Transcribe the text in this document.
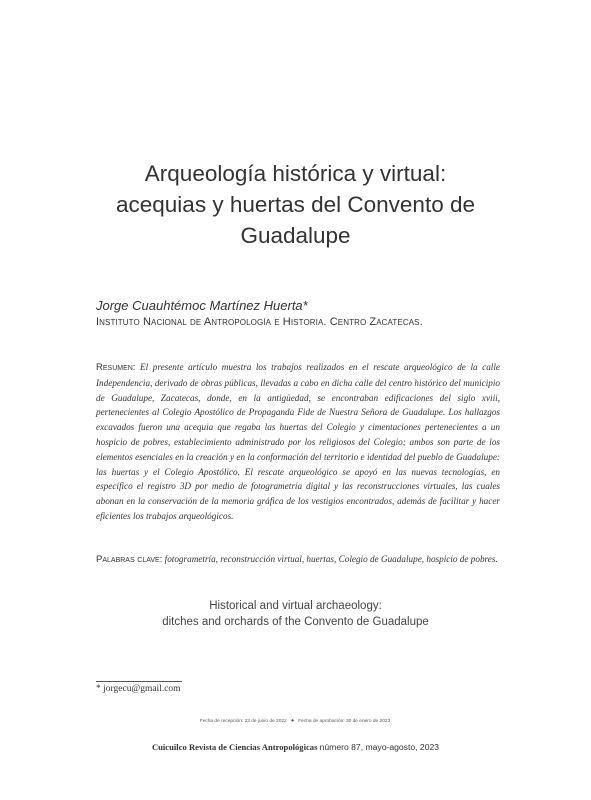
Arqueología histórica y virtual:
acequias y huertas del Convento de
Guadalupe
Jorge Cuauhtémoc Martínez Huerta*
Instituto Nacional de Antropología e Historia. Centro Zacatecas.
Resumen: El presente artículo muestra los trabajos realizados en el rescate arqueológico de la calle Independencia, derivado de obras públicas, llevadas a cabo en dicha calle del centro histórico del municipio de Guadalupe, Zacatecas, donde, en la antigüedad, se encontraban edificaciones del siglo xviii, pertenecientes al Colegio Apostólico de Propaganda Fide de Nuestra Señora de Guadalupe. Los hallazgos excavados fueron una acequia que regaba las huertas del Colegio y cimentaciones pertenecientes a un hospicio de pobres, establecimiento administrado por los religiosos del Colegio; ambos son parte de los elementos esenciales en la creación y en la conformación del territorio e identidad del pueblo de Guadalupe: las huertas y el Colegio Apostólico. El rescate arqueológico se apoyó en las nuevas tecnologías, en específico el registro 3D por medio de fotogrametría digital y las reconstrucciones virtuales, las cuales abonan en la conservación de la memoria gráfica de los vestigios encontrados, además de facilitar y hacer eficientes los trabajos arqueológicos.
Palabras clave: fotogrametría, reconstrucción virtual, huertas, Colegio de Guadalupe, hospicio de pobres.
Historical and virtual archaeology:
ditches and orchards of the Convento de Guadalupe
* jorgecu@gmail.com
Fecha de recepción: 23 de junio de 2022 • Fecha de aprobación: 30 de enero de 2023
Cuicuilco Revista de Ciencias Antropológicas número 87, mayo-agosto, 2023
